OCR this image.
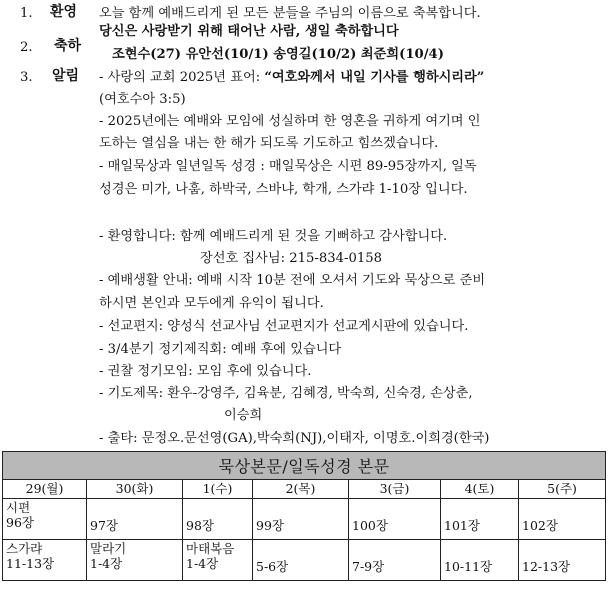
1. 환영
2. 축하
3. 알림
오늘 함께 예배드리게 된 모든 분들을 주님의 이름으로 축복합니다.
당신은 사랑받기 위해 태어난 사람, 생일 축하합니다
조현수(27) 유안선(10/1) 송영길(10/2) 최준희(10/4)
- 사랑의 교회 2025년 표어: “여호와께서 내일 기사를 행하시리라”
(여호수아 3:5)
- 2025년에는 예배와 모임에 성실하며 한 영혼을 귀하게 여기며 인
도하는 열심을 내는 한 해가 되도록 기도하고 힘쓰겠습니다.
- 매일묵상과 일년일독 성경 : 매일묵상은 시편 89-95장까지, 일독
성경은 미가, 나훔, 하박국, 스바냐, 학개, 스가랴 1-10장 입니다.
- 환영합니다: 함께 예배드리게 된 것을 기뻐하고 감사합니다.
장선호 집사님: 215-834-0158
- 예배생활 안내: 예배 시작 10분 전에 오셔서 기도와 묵상으로 준비
하시면 본인과 모두에게 유익이 됩니다.
- 선교편지: 양성식 선교사님 선교편지가 선교게시판에 있습니다.
- 3/4분기 정기제직회: 예배 후에 있습니다
- 권찰 정기모임: 모임 후에 있습니다.
- 기도제목: 환우-강영주, 김육분, 김혜경, 박숙희, 신숙경, 손상춘,
이승희
- 출타: 문정오.문선영(GA),박숙희(NJ),이태자, 이명호.이희경(한국)
묵상본문/일독성경 본문						
29(월)	30(화)	1(수)	2(목)	3(금)	4(토)	5(주)

시편
96장	97장	98장	99장	100장	101장	102장

스가랴
11-13장	말라기
1-4장	마태복음
1-4장	5-6장	7-9장	10-11장	12-13장
